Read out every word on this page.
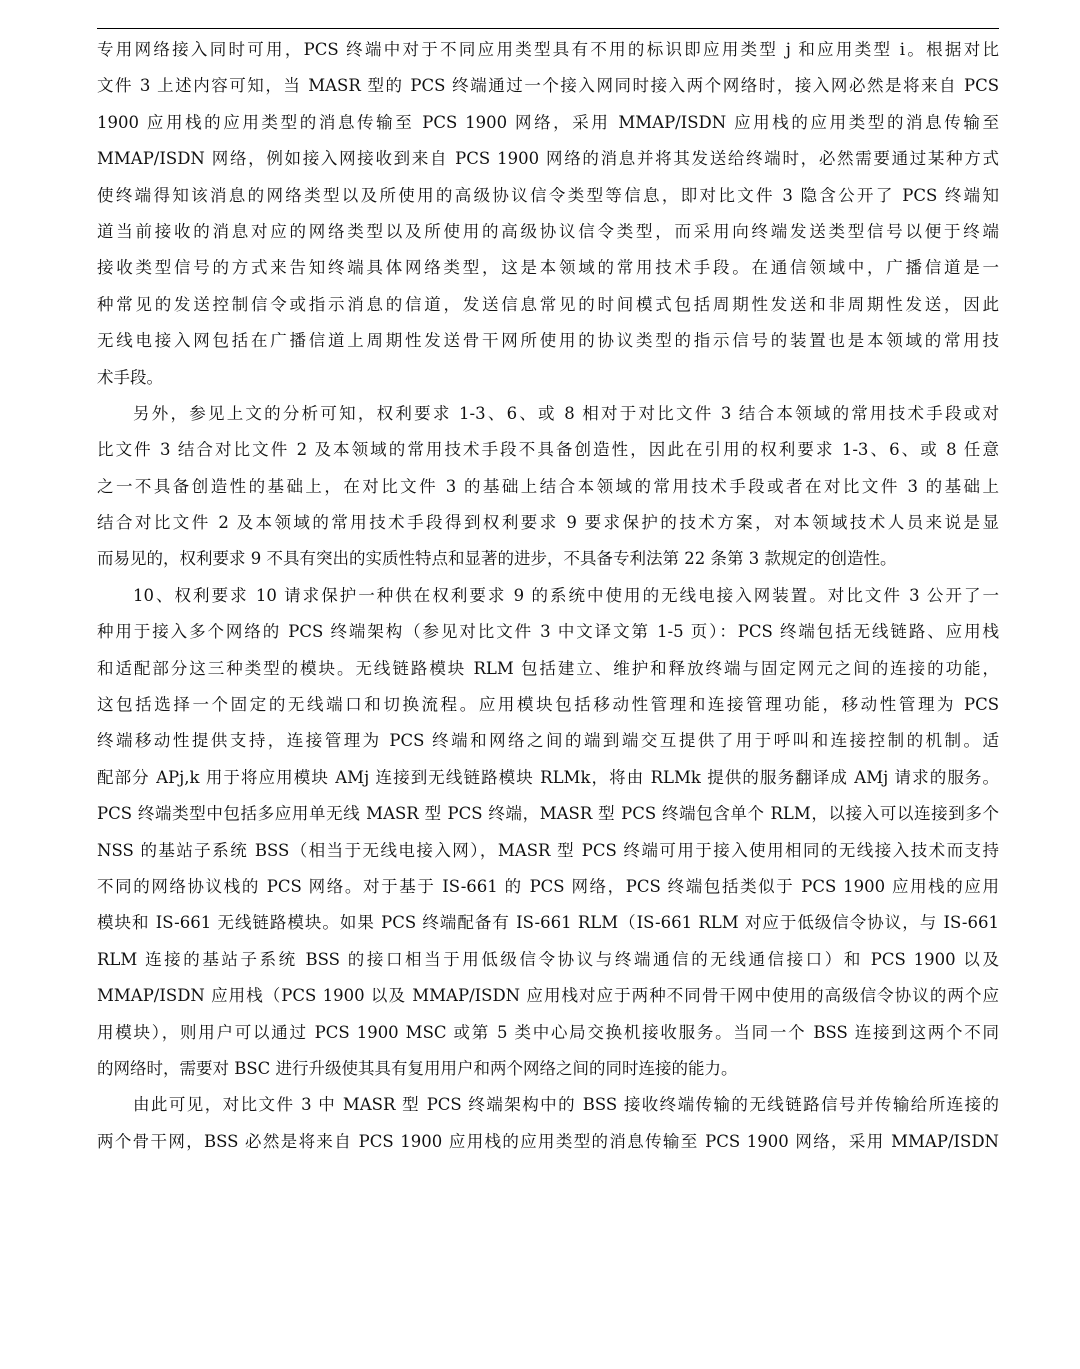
专用网络接入同时可用，PCS 终端中对于不同应用类型具有不用的标识即应用类型 j 和应用类型 i。根据对比
文件 3 上述内容可知，当 MASR 型的 PCS 终端通过一个接入网同时接入两个网络时，接入网必然是将来自 PCS
1900 应用栈的应用类型的消息传输至 PCS 1900 网络，采用 MMAP/ISDN 应用栈的应用类型的消息传输至
MMAP/ISDN 网络，例如接入网接收到来自 PCS 1900 网络的消息并将其发送给终端时，必然需要通过某种方式
使终端得知该消息的网络类型以及所使用的高级协议信令类型等信息，即对比文件 3 隐含公开了 PCS 终端知
道当前接收的消息对应的网络类型以及所使用的高级协议信令类型，而采用向终端发送类型信号以便于终端
接收类型信号的方式来告知终端具体网络类型，这是本领域的常用技术手段。在通信领域中，广播信道是一
种常见的发送控制信令或指示消息的信道，发送信息常见的时间模式包括周期性发送和非周期性发送，因此
无线电接入网包括在广播信道上周期性发送骨干网所使用的协议类型的指示信号的装置也是本领域的常用技
术手段。
另外，参见上文的分析可知，权利要求 1-3、6、或 8 相对于对比文件 3 结合本领域的常用技术手段或对
比文件 3 结合对比文件 2 及本领域的常用技术手段不具备创造性，因此在引用的权利要求 1-3、6、或 8 任意
之一不具备创造性的基础上，在对比文件 3 的基础上结合本领域的常用技术手段或者在对比文件 3 的基础上
结合对比文件 2 及本领域的常用技术手段得到权利要求 9 要求保护的技术方案，对本领域技术人员来说是显
而易见的，权利要求 9 不具有突出的实质性特点和显著的进步，不具备专利法第 22 条第 3 款规定的创造性。
10、权利要求 10 请求保护一种供在权利要求 9 的系统中使用的无线电接入网装置。对比文件 3 公开了一
种用于接入多个网络的 PCS 终端架构（参见对比文件 3 中文译文第 1-5 页）：PCS 终端包括无线链路、应用栈
和适配部分这三种类型的模块。无线链路模块 RLM 包括建立、维护和释放终端与固定网元之间的连接的功能，
这包括选择一个固定的无线端口和切换流程。应用模块包括移动性管理和连接管理功能，移动性管理为 PCS
终端移动性提供支持，连接管理为 PCS 终端和网络之间的端到端交互提供了用于呼叫和连接控制的机制。适
配部分 APj,k 用于将应用模块 AMj 连接到无线链路模块 RLMk，将由 RLMk 提供的服务翻译成 AMj 请求的服务。
PCS 终端类型中包括多应用单无线 MASR 型 PCS 终端，MASR 型 PCS 终端包含单个 RLM，以接入可以连接到多个
NSS 的基站子系统 BSS（相当于无线电接入网），MASR 型 PCS 终端可用于接入使用相同的无线接入技术而支持
不同的网络协议栈的 PCS 网络。对于基于 IS-661 的 PCS 网络，PCS 终端包括类似于 PCS 1900 应用栈的应用
模块和 IS-661 无线链路模块。如果 PCS 终端配备有 IS-661 RLM（IS-661 RLM 对应于低级信令协议，与 IS-661
RLM 连接的基站子系统 BSS 的接口相当于用低级信令协议与终端通信的无线通信接口）和 PCS 1900 以及
MMAP/ISDN 应用栈（PCS 1900 以及 MMAP/ISDN 应用栈对应于两种不同骨干网中使用的高级信令协议的两个应
用模块），则用户可以通过 PCS 1900 MSC 或第 5 类中心局交换机接收服务。当同一个 BSS 连接到这两个不同
的网络时，需要对 BSC 进行升级使其具有复用用户和两个网络之间的同时连接的能力。
由此可见，对比文件 3 中 MASR 型 PCS 终端架构中的 BSS 接收终端传输的无线链路信号并传输给所连接的
两个骨干网，BSS 必然是将来自 PCS 1900 应用栈的应用类型的消息传输至 PCS 1900 网络，采用 MMAP/ISDN
